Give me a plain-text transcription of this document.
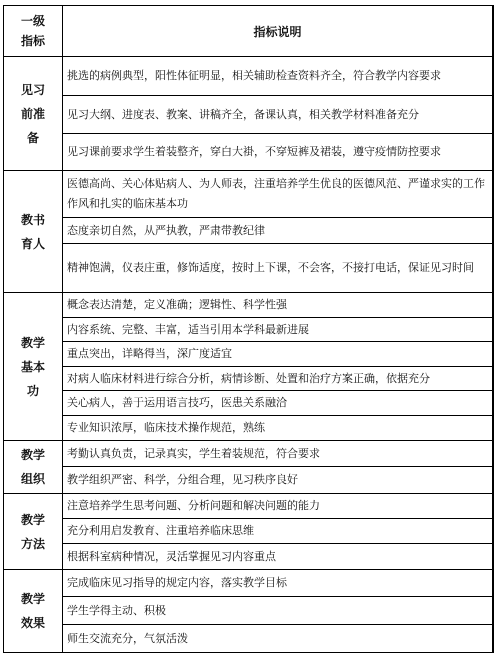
一级
指标
指标说明
见习
前准
备
挑选的病例典型，阳性体征明显，相关辅助检查资料齐全，符合教学内容要求
见习大纲、进度表、教案、讲稿齐全，备课认真，相关教学材料准备充分
见习课前要求学生着装整齐，穿白大褂，不穿短裤及裙装，遵守疫情防控要求
教书
育人
医德高尚、关心体贴病人、为人师表，注重培养学生优良的医德风范、严谨求实的工作作风和扎实的临床基本功
态度亲切自然，从严执教，严肃带教纪律
精神饱满，仪表庄重，修饰适度，按时上下课，不会客，不接打电话，保证见习时间
教学
基本
功
概念表达清楚，定义准确；逻辑性、科学性强
内容系统、完整、丰富，适当引用本学科最新进展
重点突出，详略得当，深广度适宜
对病人临床材料进行综合分析，病情诊断、处置和治疗方案正确，依据充分
关心病人，善于运用语言技巧，医患关系融洽
专业知识浓厚，临床技术操作规范，熟练
教学
组织
考勤认真负责，记录真实，学生着装规范，符合要求
教学组织严密、科学，分组合理，见习秩序良好
教学
方法
注意培养学生思考问题、分析问题和解决问题的能力
充分利用启发教育、注重培养临床思维
根据科室病种情况，灵活掌握见习内容重点
教学
效果
完成临床见习指导的规定内容，落实教学目标
学生学得主动、积极
师生交流充分，气氛活泼
